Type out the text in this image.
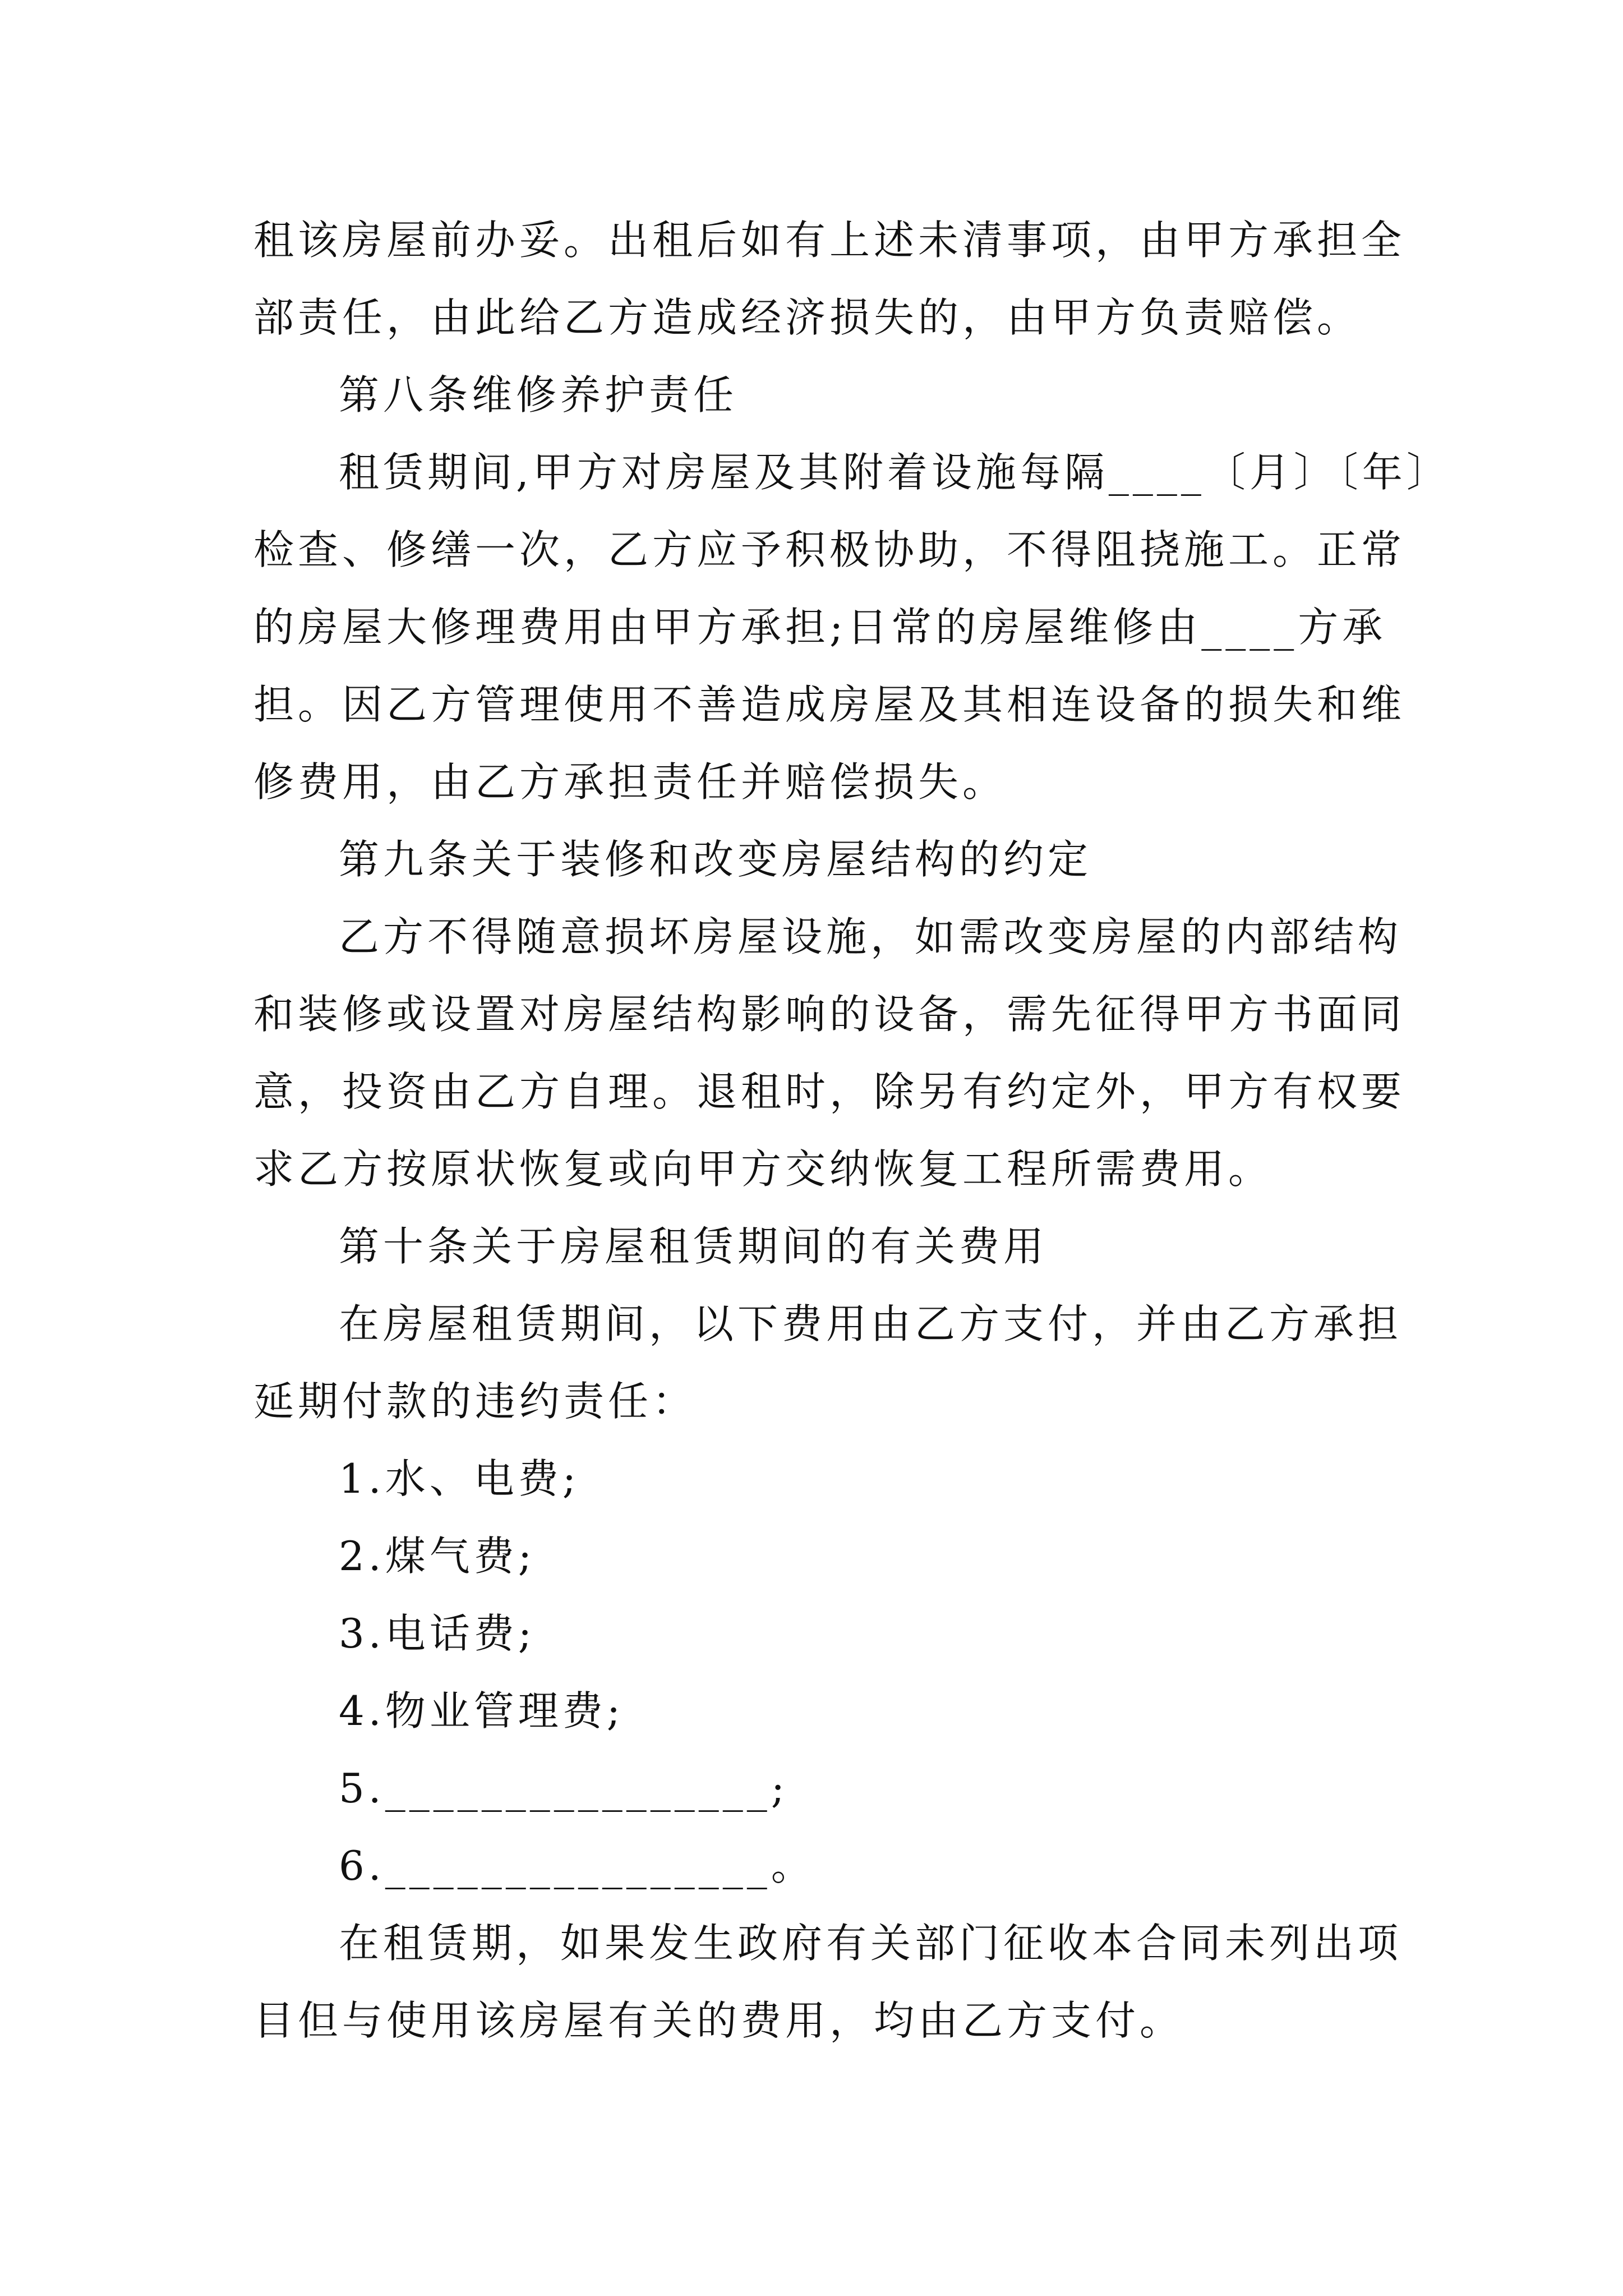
租该房屋前办妥。出租后如有上述未清事项，由甲方承担全
部责任，由此给乙方造成经济损失的，由甲方负责赔偿。
第八条维修养护责任
租赁期间,甲方对房屋及其附着设施每隔____〔月〕〔年〕
检查、修缮一次，乙方应予积极协助，不得阻挠施工。正常
的房屋大修理费用由甲方承担;日常的房屋维修由____方承
担。因乙方管理使用不善造成房屋及其相连设备的损失和维
修费用，由乙方承担责任并赔偿损失。
第九条关于装修和改变房屋结构的约定
乙方不得随意损坏房屋设施，如需改变房屋的内部结构
和装修或设置对房屋结构影响的设备，需先征得甲方书面同
意，投资由乙方自理。退租时，除另有约定外，甲方有权要
求乙方按原状恢复或向甲方交纳恢复工程所需费用。
第十条关于房屋租赁期间的有关费用
在房屋租赁期间，以下费用由乙方支付，并由乙方承担
延期付款的违约责任：
1.水、电费;
2.煤气费;
3.电话费;
4.物业管理费;
5.________________;
6.________________。
在租赁期，如果发生政府有关部门征收本合同未列出项
目但与使用该房屋有关的费用，均由乙方支付。
